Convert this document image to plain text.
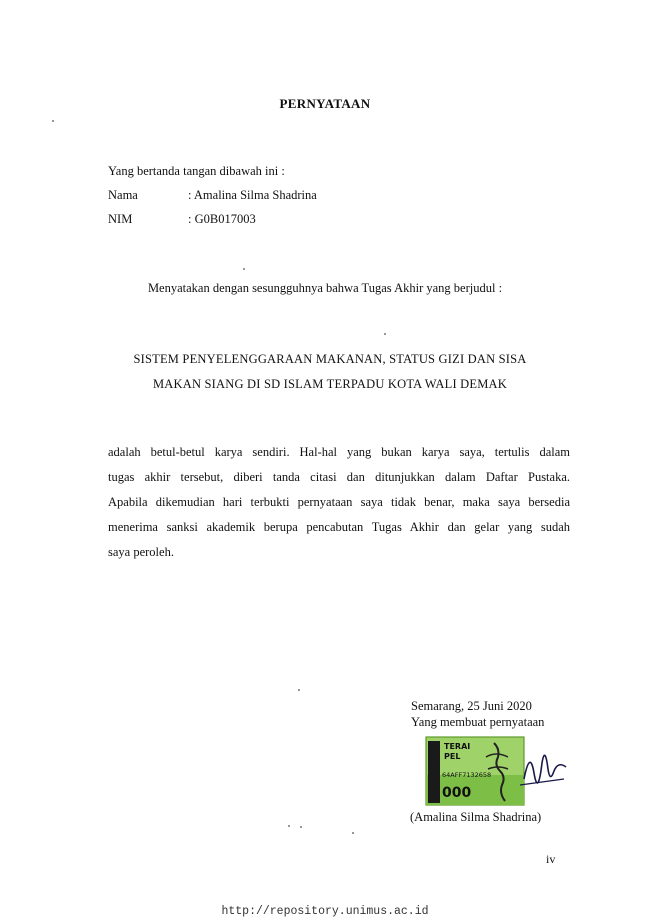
PERNYATAAN
Yang bertanda tangan dibawah ini :
Nama	: Amalina Silma Shadrina
NIM	: G0B017003
Menyatakan dengan sesungguhnya bahwa Tugas Akhir yang berjudul :
SISTEM PENYELENGGARAAN MAKANAN, STATUS GIZI DAN SISA
MAKAN SIANG DI SD ISLAM TERPADU KOTA WALI DEMAK
adalah betul-betul karya sendiri. Hal-hal yang bukan karya saya, tertulis dalam
tugas akhir tersebut, diberi tanda citasi dan ditunjukkan dalam Daftar Pustaka.
Apabila dikemudian hari terbukti pernyataan saya tidak benar, maka saya bersedia
menerima sanksi akademik berupa pencabutan Tugas Akhir dan gelar yang sudah
saya peroleh.
Semarang, 25 Juni 2020
Yang membuat pernyataan
TERAI
PEL
64AFF7132658
000
(Amalina Silma Shadrina)
iv
http://repository.unimus.ac.id
